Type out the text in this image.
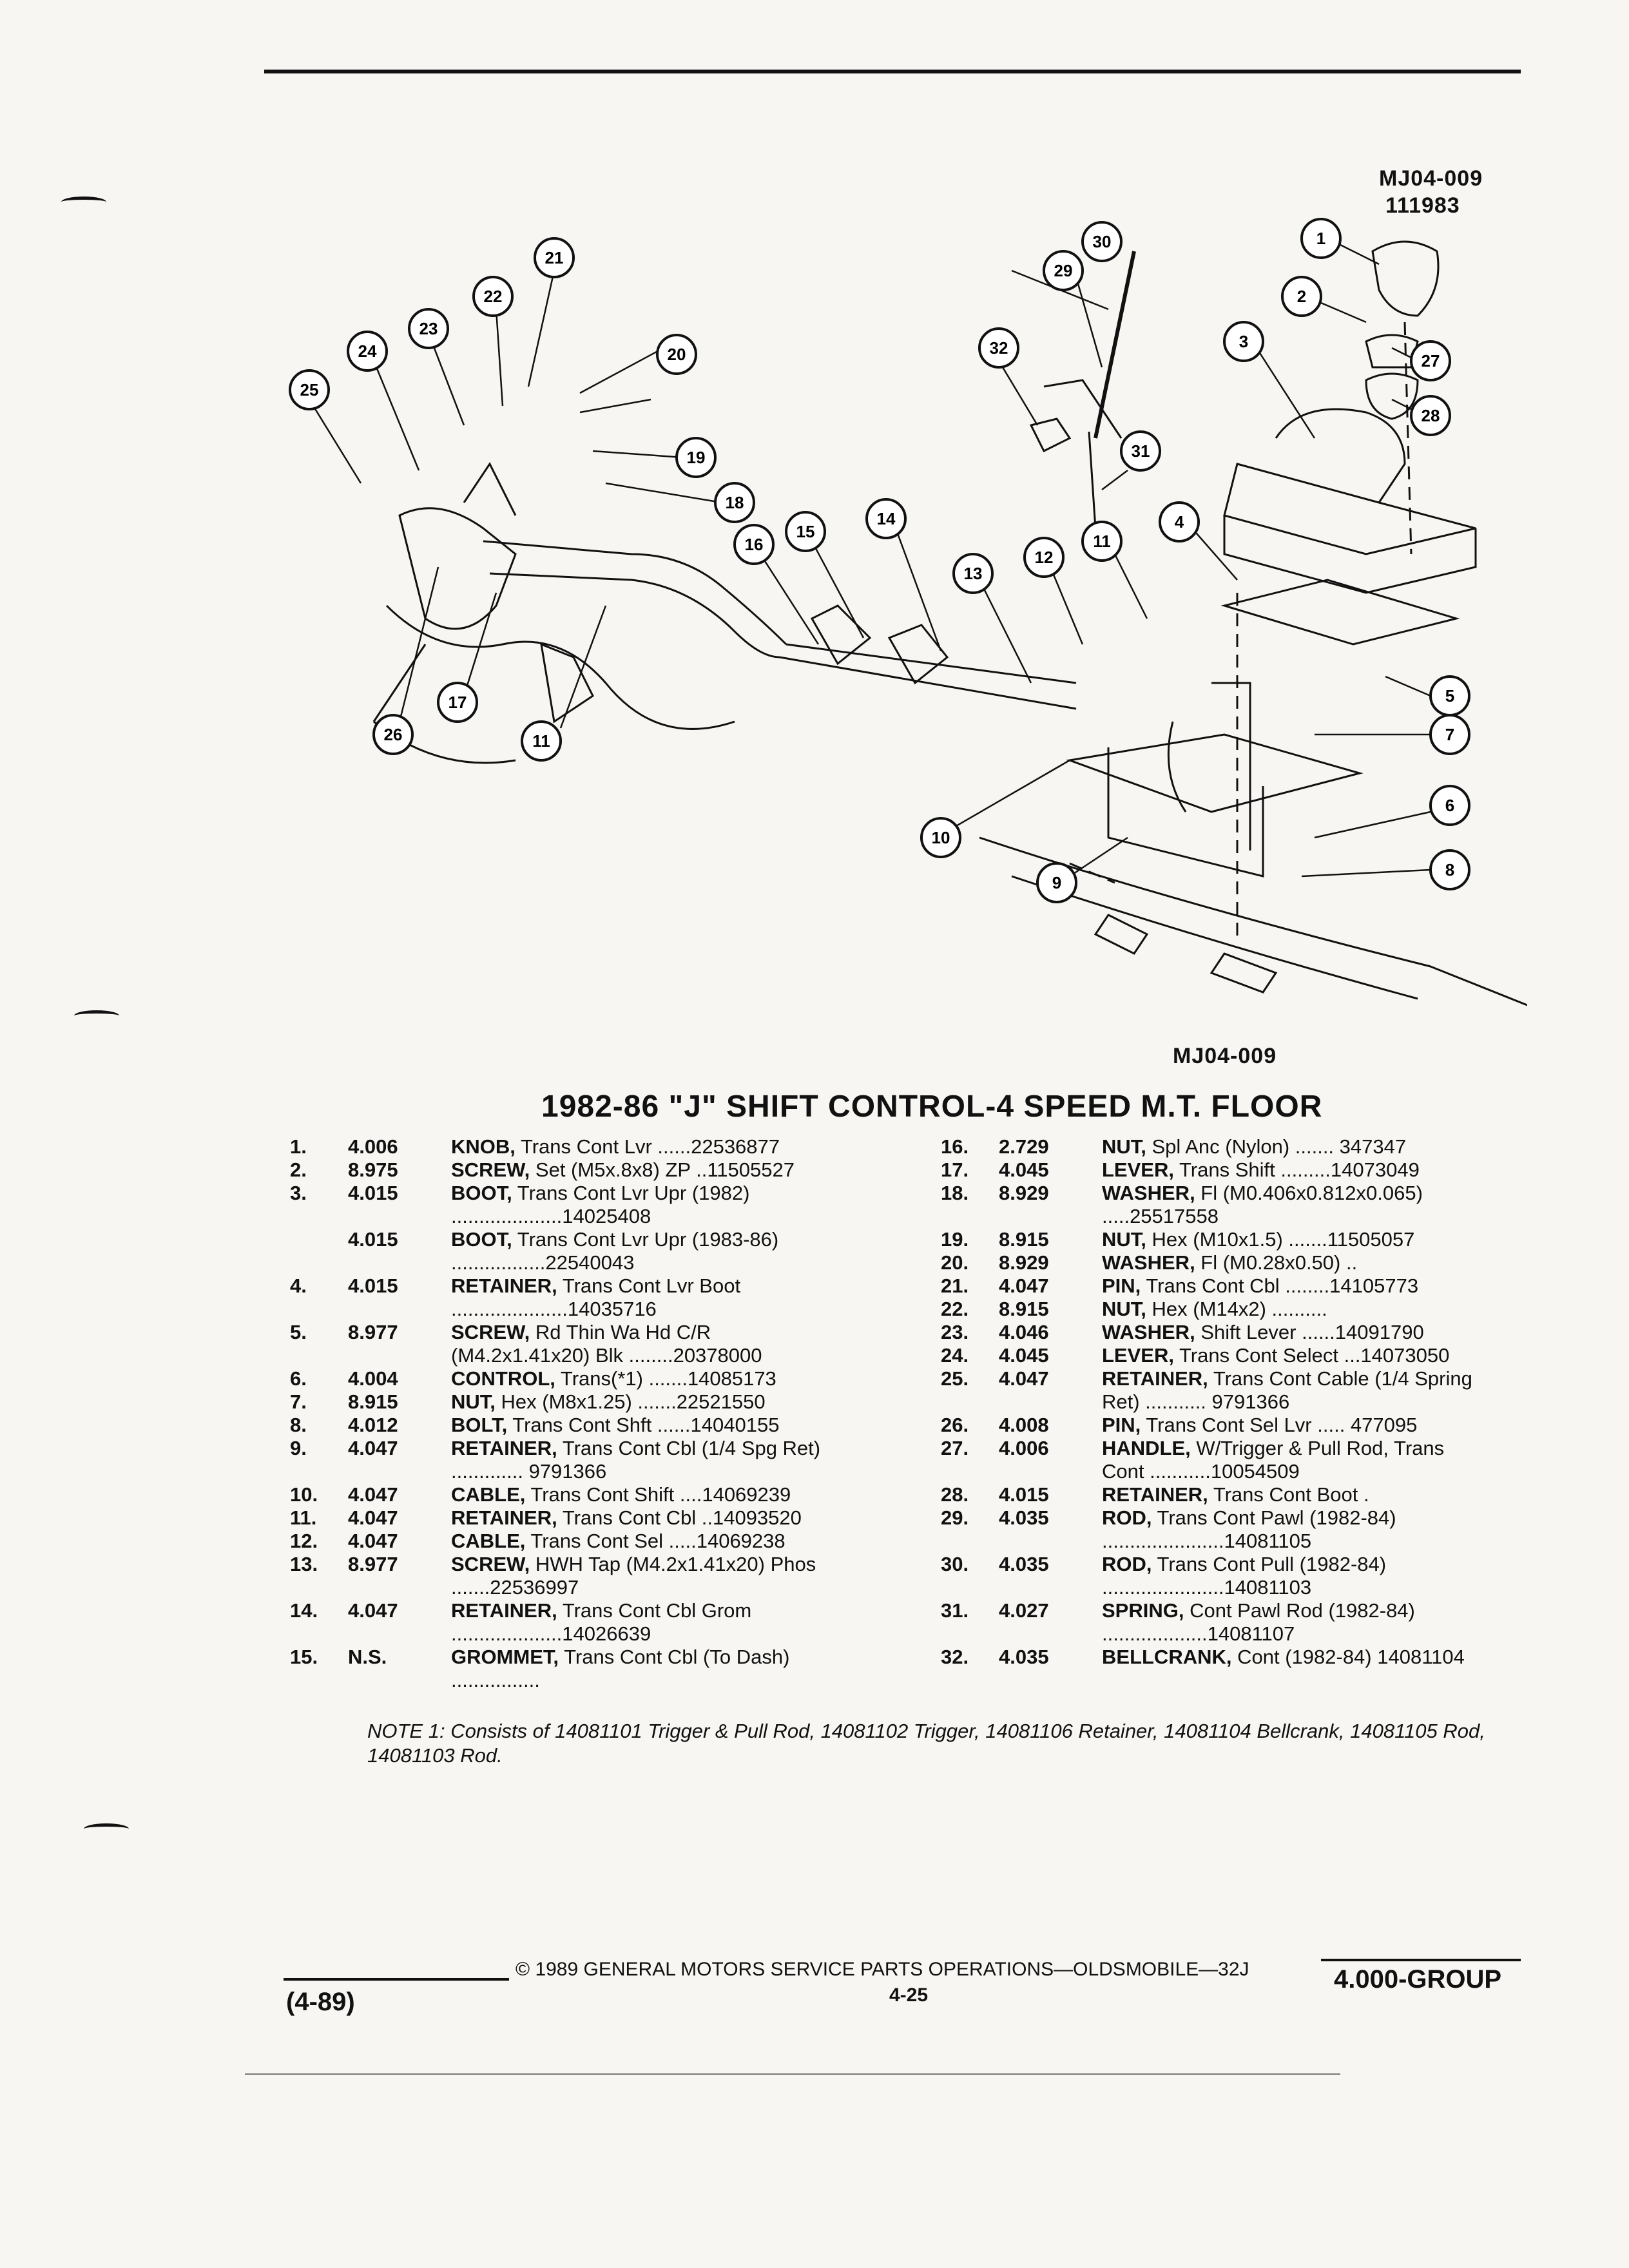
MJ04-009
111983
1
2
3
4
5
6
7
8
9
10
11
12
13
14
15
16
17
18
19
20
21
22
23
24
25
26
27
28
29
30
31
32
11
MJ04-009
1982-86 "J" SHIFT CONTROL-4 SPEED M.T. FLOOR
1.	4.006	KNOB, Trans Cont Lvr ......22536877
2.	8.975	SCREW, Set (M5x.8x8) ZP ..11505527
3.	4.015	BOOT, Trans Cont Lvr Upr (1982) ....................14025408
4.015	BOOT, Trans Cont Lvr Upr (1983-86) .................22540043
4.	4.015	RETAINER, Trans Cont Lvr Boot .....................14035716
5.	8.977	SCREW, Rd Thin Wa Hd C/R (M4.2x1.41x20) Blk ........20378000
6.	4.004	CONTROL, Trans(*1) .......14085173
7.	8.915	NUT, Hex (M8x1.25) .......22521550
8.	4.012	BOLT, Trans Cont Shft ......14040155
9.	4.047	RETAINER, Trans Cont Cbl (1/4 Spg Ret) ............. 9791366
10.	4.047	CABLE, Trans Cont Shift ....14069239
11.	4.047	RETAINER, Trans Cont Cbl ..14093520
12.	4.047	CABLE, Trans Cont Sel .....14069238
13.	8.977	SCREW, HWH Tap (M4.2x1.41x20) Phos .......22536997
14.	4.047	RETAINER, Trans Cont Cbl Grom ....................14026639
15.	N.S.	GROMMET, Trans Cont Cbl (To Dash) ................
16.	2.729	NUT, Spl Anc (Nylon) ....... 347347
17.	4.045	LEVER, Trans Shift .........14073049
18.	8.929	WASHER, Fl (M0.406x0.812x0.065) .....25517558
19.	8.915	NUT, Hex (M10x1.5) .......11505057
20.	8.929	WASHER, Fl (M0.28x0.50) ..
21.	4.047	PIN, Trans Cont Cbl ........14105773
22.	8.915	NUT, Hex (M14x2) ..........
23.	4.046	WASHER, Shift Lever ......14091790
24.	4.045	LEVER, Trans Cont Select ...14073050
25.	4.047	RETAINER, Trans Cont Cable (1/4 Spring Ret) ........... 9791366
26.	4.008	PIN, Trans Cont Sel Lvr ..... 477095
27.	4.006	HANDLE, W/Trigger & Pull Rod, Trans Cont ...........10054509
28.	4.015	RETAINER, Trans Cont Boot .
29.	4.035	ROD, Trans Cont Pawl (1982-84) ......................14081105
30.	4.035	ROD, Trans Cont Pull (1982-84) ......................14081103
31.	4.027	SPRING, Cont Pawl Rod (1982-84) ...................14081107
32.	4.035	BELLCRANK, Cont (1982-84) 14081104
NOTE 1: Consists of 14081101 Trigger & Pull Rod, 14081102 Trigger, 14081106 Retainer, 14081104 Bellcrank, 14081105 Rod, 14081103 Rod.
© 1989 GENERAL MOTORS SERVICE PARTS OPERATIONS—OLDSMOBILE—32J
4-25
(4-89)
4.000-GROUP
